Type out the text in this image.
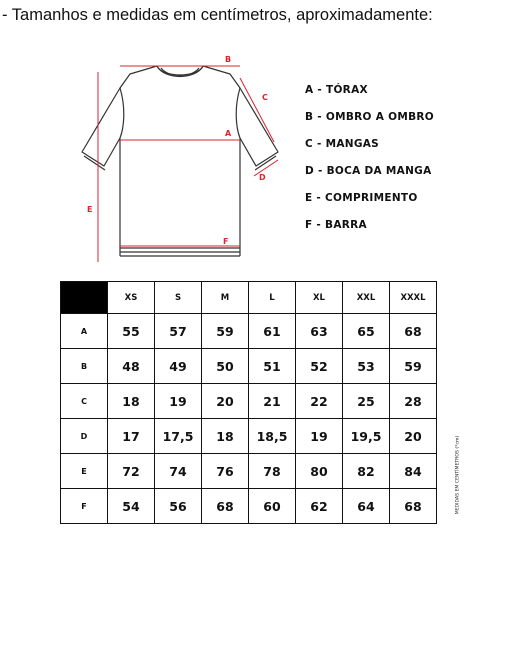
- Tamanhos e medidas em centímetros, aproximadamente:
B
C
A
D
E
F
A - TÓRAX
B - OMBRO A OMBRO
C - MANGAS
D - BOCA DA MANGA
E - COMPRIMENTO
F - BARRA
	XS	S	M	L	XL	XXL	XXXL
A	55	57	59	61	63	65	68
B	48	49	50	51	52	53	59
C	18	19	20	21	22	25	28
D	17	17,5	18	18,5	19	19,5	20
E	72	74	76	78	80	82	84
F	54	56	68	60	62	64	68	MEDIDAS EM CENTÍMETROS (*cm)
